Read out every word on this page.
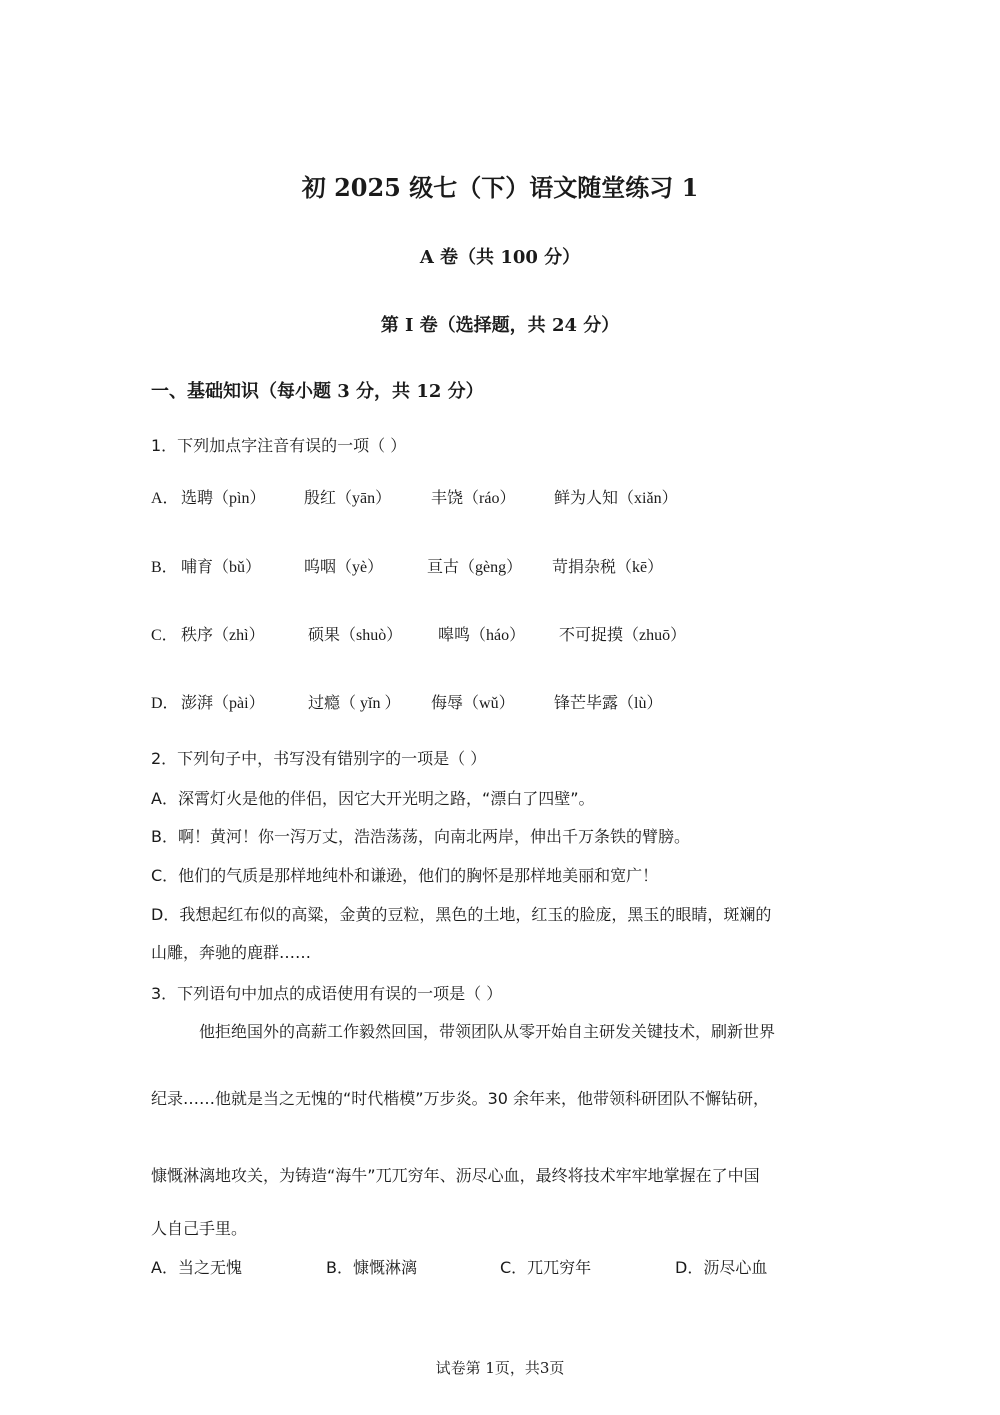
初 2025 级七（下）语文随堂练习 1
A 卷（共 100 分）
第 Ⅰ 卷（选择题，共 24 分）
一、基础知识（每小题 3 分，共 12 分）
1．下列加点字注音有误的一项（ ）
A． 选聘（pìn） 殷红（yān） 丰饶（ráo） 鲜为人知（xiǎn）
B． 哺育（bǔ）	呜咽（yè）	亘古（gèng） 苛捐杂税（kē）
C． 秩序（zhì）	硕果（shuò） 嗥鸣（háo） 不可捉摸（zhuō）
D． 澎湃（pài）	过瘾（ yǐn ） 侮辱（wǔ） 锋芒毕露（lù）
2．下列句子中，书写没有错别字的一项是（ ）
A．深霄灯火是他的伴侣，因它大开光明之路，“漂白了四壁”。
B．啊！黄河！你一泻万丈，浩浩荡荡，向南北两岸，伸出千万条铁的臂膀。
C．他们的气质是那样地纯朴和谦逊，他们的胸怀是那样地美丽和宽广！
D．我想起红布似的高粱，金黄的豆粒，黑色的土地，红玉的脸庞，黑玉的眼睛，斑斓的
山雕，奔驰的鹿群……
3．下列语句中加点的成语使用有误的一项是（ ）
他拒绝国外的高薪工作毅然回国，带领团队从零开始自主研发关键技术，刷新世界
纪录……他就是当之无愧的“时代楷模”万步炎。30 余年来，他带领科研团队不懈钻研，
慷慨淋漓地攻关，为铸造“海牛”兀兀穷年、沥尽心血，最终将技术牢牢地掌握在了中国
人自己手里。
A．当之无愧	B．慷慨淋漓	C．兀兀穷年	D．沥尽心血
试卷第 1页，共3页
